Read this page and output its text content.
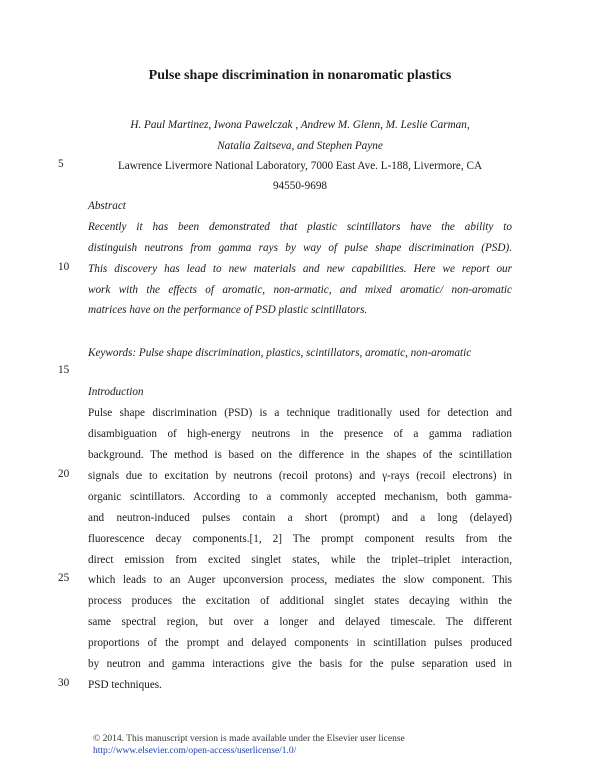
Pulse shape discrimination in nonaromatic plastics
H. Paul Martinez, Iwona Pawelczak , Andrew M. Glenn, M. Leslie Carman,
Natalia Zaitseva, and Stephen Payne
Lawrence Livermore National Laboratory, 7000 East Ave. L-188, Livermore, CA
94550-9698
Abstract
Recently it has been demonstrated that plastic scintillators have the ability to
distinguish neutrons from gamma rays by way of pulse shape discrimination (PSD).
This discovery has lead to new materials and new capabilities. Here we report our
work with the effects of aromatic, non-armatic, and mixed aromatic/ non-aromatic
matrices have on the performance of PSD plastic scintillators.
Keywords: Pulse shape discrimination, plastics, scintillators, aromatic, non-aromatic
Introduction
Pulse shape discrimination (PSD) is a technique traditionally used for detection and
disambiguation of high-energy neutrons in the presence of a gamma radiation
background. The method is based on the difference in the shapes of the scintillation
signals due to excitation by neutrons (recoil protons) and γ-rays (recoil electrons) in
organic scintillators. According to a commonly accepted mechanism, both gamma-
and neutron-induced pulses contain a short (prompt) and a long (delayed)
fluorescence decay components.[1, 2] The prompt component results from the
direct emission from excited singlet states, while the triplet–triplet interaction,
which leads to an Auger upconversion process, mediates the slow component. This
process produces the excitation of additional singlet states decaying within the
same spectral region, but over a longer and delayed timescale. The different
proportions of the prompt and delayed components in scintillation pulses produced
by neutron and gamma interactions give the basis for the pulse separation used in
PSD techniques.
5
10
15
20
25
30
© 2014. This manuscript version is made available under the Elsevier user license
http://www.elsevier.com/open-access/userlicense/1.0/
